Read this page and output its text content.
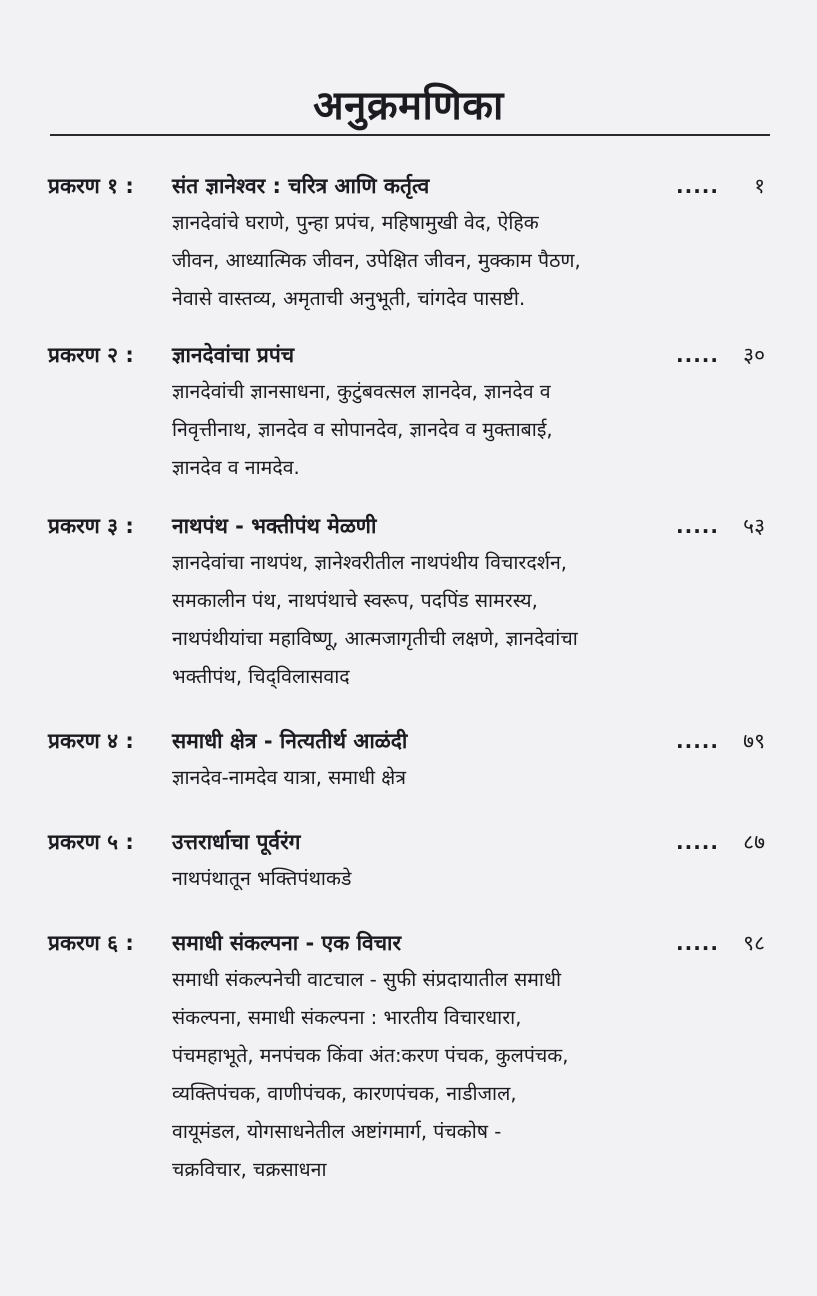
अनुक्रमणिका
प्रकरण १ : संत ज्ञानेश्वर : चरित्र आणि कर्तृत्व	.....	१
ज्ञानदेवांचे घराणे, पुन्हा प्रपंच, महिषामुखी वेद, ऐहिक
जीवन, आध्यात्मिक जीवन, उपेक्षित जीवन, मुक्काम पैठण,
नेवासे वास्तव्य, अमृताची अनुभूती, चांगदेव पासष्टी.
प्रकरण २ : ज्ञानदेवांचा प्रपंच	.....	३०
ज्ञानदेवांची ज्ञानसाधना, कुटुंबवत्सल ज्ञानदेव, ज्ञानदेव व
निवृत्तीनाथ, ज्ञानदेव व सोपानदेव, ज्ञानदेव व मुक्ताबाई,
ज्ञानदेव व नामदेव.
प्रकरण ३ : नाथपंथ - भक्तीपंथ मेळणी	.....	५३
ज्ञानदेवांचा नाथपंथ, ज्ञानेश्वरीतील नाथपंथीय विचारदर्शन,
समकालीन पंथ, नाथपंथाचे स्वरूप, पदपिंड सामरस्य,
नाथपंथीयांचा महाविष्णू, आत्मजागृतीची लक्षणे, ज्ञानदेवांचा
भक्तीपंथ, चिद्‌विलासवाद
प्रकरण ४ : समाधी क्षेत्र - नित्यतीर्थ आळंदी	.....	७९
ज्ञानदेव-नामदेव यात्रा, समाधी क्षेत्र
प्रकरण ५ : उत्तरार्धाचा पूर्वरंग	.....	८७
नाथपंथातून भक्तिपंथाकडे
प्रकरण ६ : समाधी संकल्पना - एक विचार	.....	९८
समाधी संकल्पनेची वाटचाल - सुफी संप्रदायातील समाधी
संकल्पना, समाधी संकल्पना : भारतीय विचारधारा,
पंचमहाभूते, मनपंचक किंवा अंत:करण पंचक, कुलपंचक,
व्यक्तिपंचक, वाणीपंचक, कारणपंचक, नाडीजाल,
वायूमंडल, योगसाधनेतील अष्टांगमार्ग, पंचकोष -
चक्रविचार, चक्रसाधना
